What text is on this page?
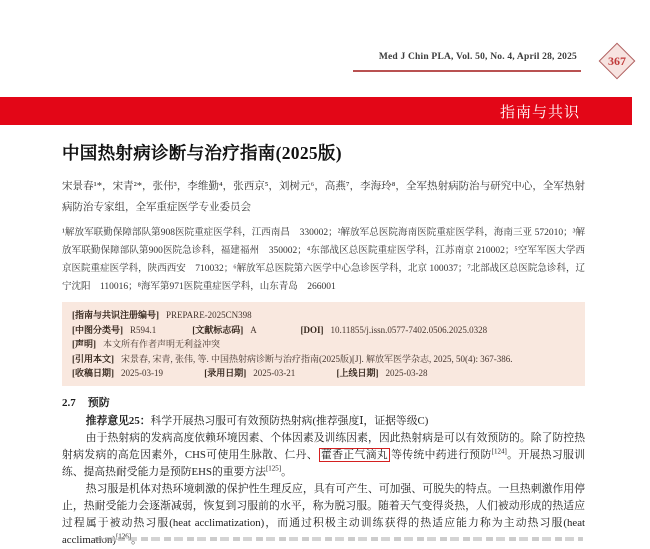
Med J Chin PLA, Vol. 50, No. 4, April 28, 2025	367
指南与共识
中国热射病诊断与治疗指南(2025版)

宋景春¹*，宋青²*，张伟³，李维勤⁴，张西京⁵，刘树元⁶，高燕⁷，李海玲⁸，全军热射病防治与研究中心，全军热射病防治专家组，全军重症医学专业委员会

¹解放军联勤保障部队第908医院重症医学科，江西南昌　330002；²解放军总医院海南医院重症医学科，海南三亚 572010；³解放军联勤保障部队第900医院急诊科，福建福州　350002；⁴东部战区总医院重症医学科，江苏南京 210002；⁵空军军医大学西京医院重症医学科，陕西西安　710032；⁶解放军总医院第六医学中心急诊医学科，北京 100037；⁷北部战区总医院急诊科，辽宁沈阳　110016；⁸海军第971医院重症医学科，山东青岛　266001

[指南与共识注册编号] PREPARE-2025CN398
[中图分类号] R594.1	[文献标志码] A	[DOI] 10.11855/j.issn.0577-7402.0506.2025.0328
[声明] 本文所有作者声明无利益冲突
[引用本文] 宋景春, 宋青, 张伟, 等. 中国热射病诊断与治疗指南(2025版)[J]. 解放军医学杂志, 2025, 50(4): 367-386.
[收稿日期] 2025-03-19	[录用日期] 2025-03-21	[上线日期] 2025-03-28
2.7 预防

推荐意见25：科学开展热习服可有效预防热射病(推荐强度Ⅰ，证据等级C)

由于热射病的发病高度依赖环境因素、个体因素及训练因素，因此热射病是可以有效预防的。除了防控热射病发病的高危因素外，CHS可使用生脉散、仁丹、 藿香正气滴丸 等传统中药进行预防[124]。开展热习服训练、提高热耐受能力是预防EHS的重要方法[125]。

热习服是机体对热环境刺激的保护性生理反应，具有可产生、可加强、可脱失的特点。一旦热刺激作用停止，热耐受能力会逐渐减弱，恢复到习服前的水平，称为脱习服。随着天气变得炎热，人们被动形成的热适应过程属于被动热习服(heat acclimatization)，而通过积极主动训练获得的热适应能力称为主动热习服(heat acclimation)[126]。
